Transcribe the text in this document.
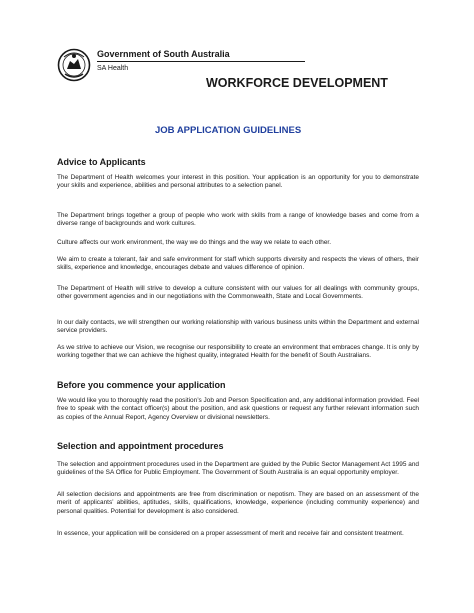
Government of South Australia
SA Health
WORKFORCE DEVELOPMENT
JOB APPLICATION GUIDELINES
Advice to Applicants
The Department of Health welcomes your interest in this position. Your application is an opportunity for you to demonstrate your skills and experience, abilities and personal attributes to a selection panel.
The Department brings together a group of people who work with skills from a range of knowledge bases and come from a diverse range of backgrounds and work cultures.
Culture affects our work environment, the way we do things and the way we relate to each other.
We aim to create a tolerant, fair and safe environment for staff which supports diversity and respects the views of others, their skills, experience and knowledge, encourages debate and values difference of opinion.
The Department of Health will strive to develop a culture consistent with our values for all dealings with community groups, other government agencies and in our negotiations with the Commonwealth, State and Local Governments.
In our daily contacts, we will strengthen our working relationship with various business units within the Department and external service providers.
As we strive to achieve our Vision, we recognise our responsibility to create an environment that embraces change. It is only by working together that we can achieve the highest quality, integrated Health for the benefit of South Australians.
Before you commence your application
We would like you to thoroughly read the position’s Job and Person Specification and, any additional information provided. Feel free to speak with the contact officer(s) about the position, and ask questions or request any further relevant information such as copies of the Annual Report, Agency Overview or divisional newsletters.
Selection and appointment procedures
The selection and appointment procedures used in the Department are guided by the Public Sector Management Act 1995 and guidelines of the SA Office for Public Employment. The Government of South Australia is an equal opportunity employer.
All selection decisions and appointments are free from discrimination or nepotism. They are based on an assessment of the merit of applicants’ abilities, aptitudes, skills, qualifications, knowledge, experience (including community experience) and personal qualities. Potential for development is also considered.
In essence, your application will be considered on a proper assessment of merit and receive fair and consistent treatment.
